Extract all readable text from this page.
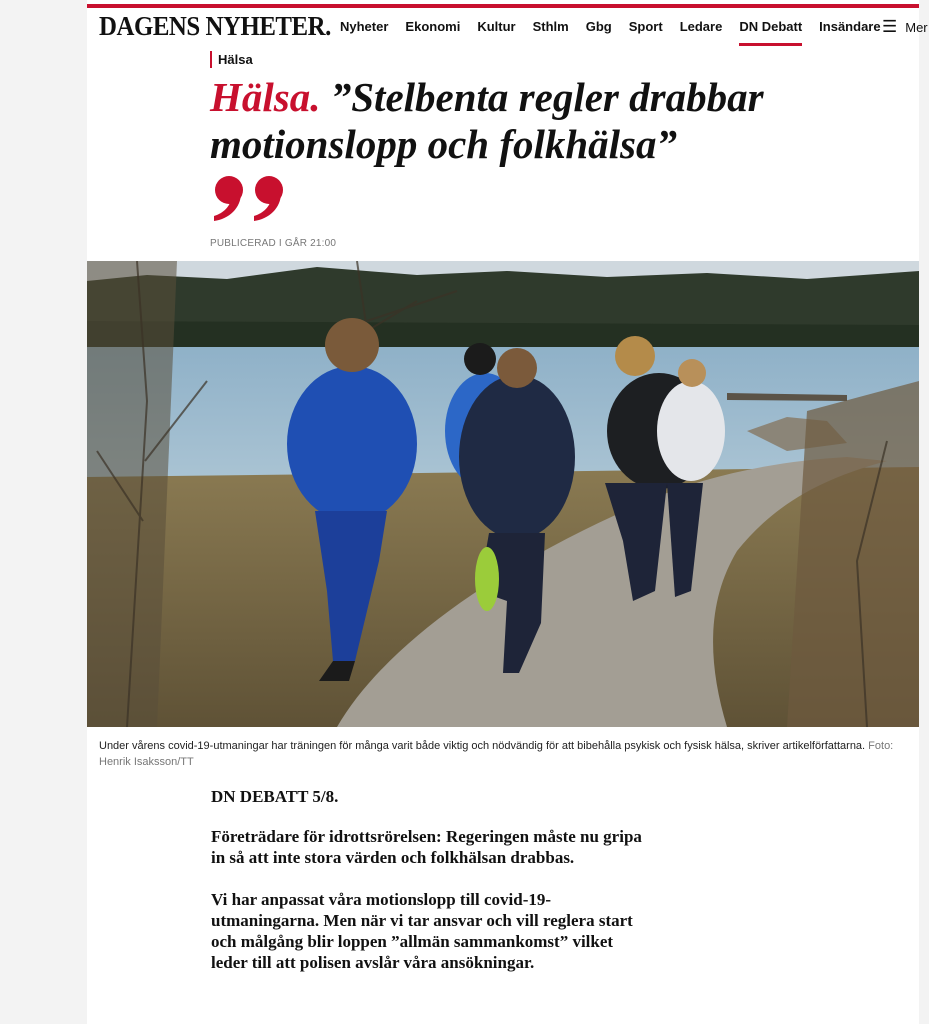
DAGENS NYHETER. Nyheter Ekonomi Kultur Sthlm Gbg Sport Ledare DN Debatt Insändare ☰ Mer
Hälsa
Hälsa. ”Stelbenta regler drabbar motionslopp och folkhälsa”
PUBLICERAD I GÅR 21:00

Under vårens covid-19-utmaningar har träningen för många varit både viktig och nödvändig för att bibehålla psykisk och fysisk hälsa, skriver artikelförfattarna. Foto: Henrik Isaksson/TT

DN DEBATT 5/8.

Företrädare för idrottsrörelsen: Regeringen måste nu gripa in så att inte stora värden och folkhälsan drabbas.

Vi har anpassat våra motionslopp till covid-19-utmaningarna. Men när vi tar ansvar och vill reglera start och målgång blir loppen ”allmän sammankomst” vilket leder till att polisen avslår våra ansökningar.
